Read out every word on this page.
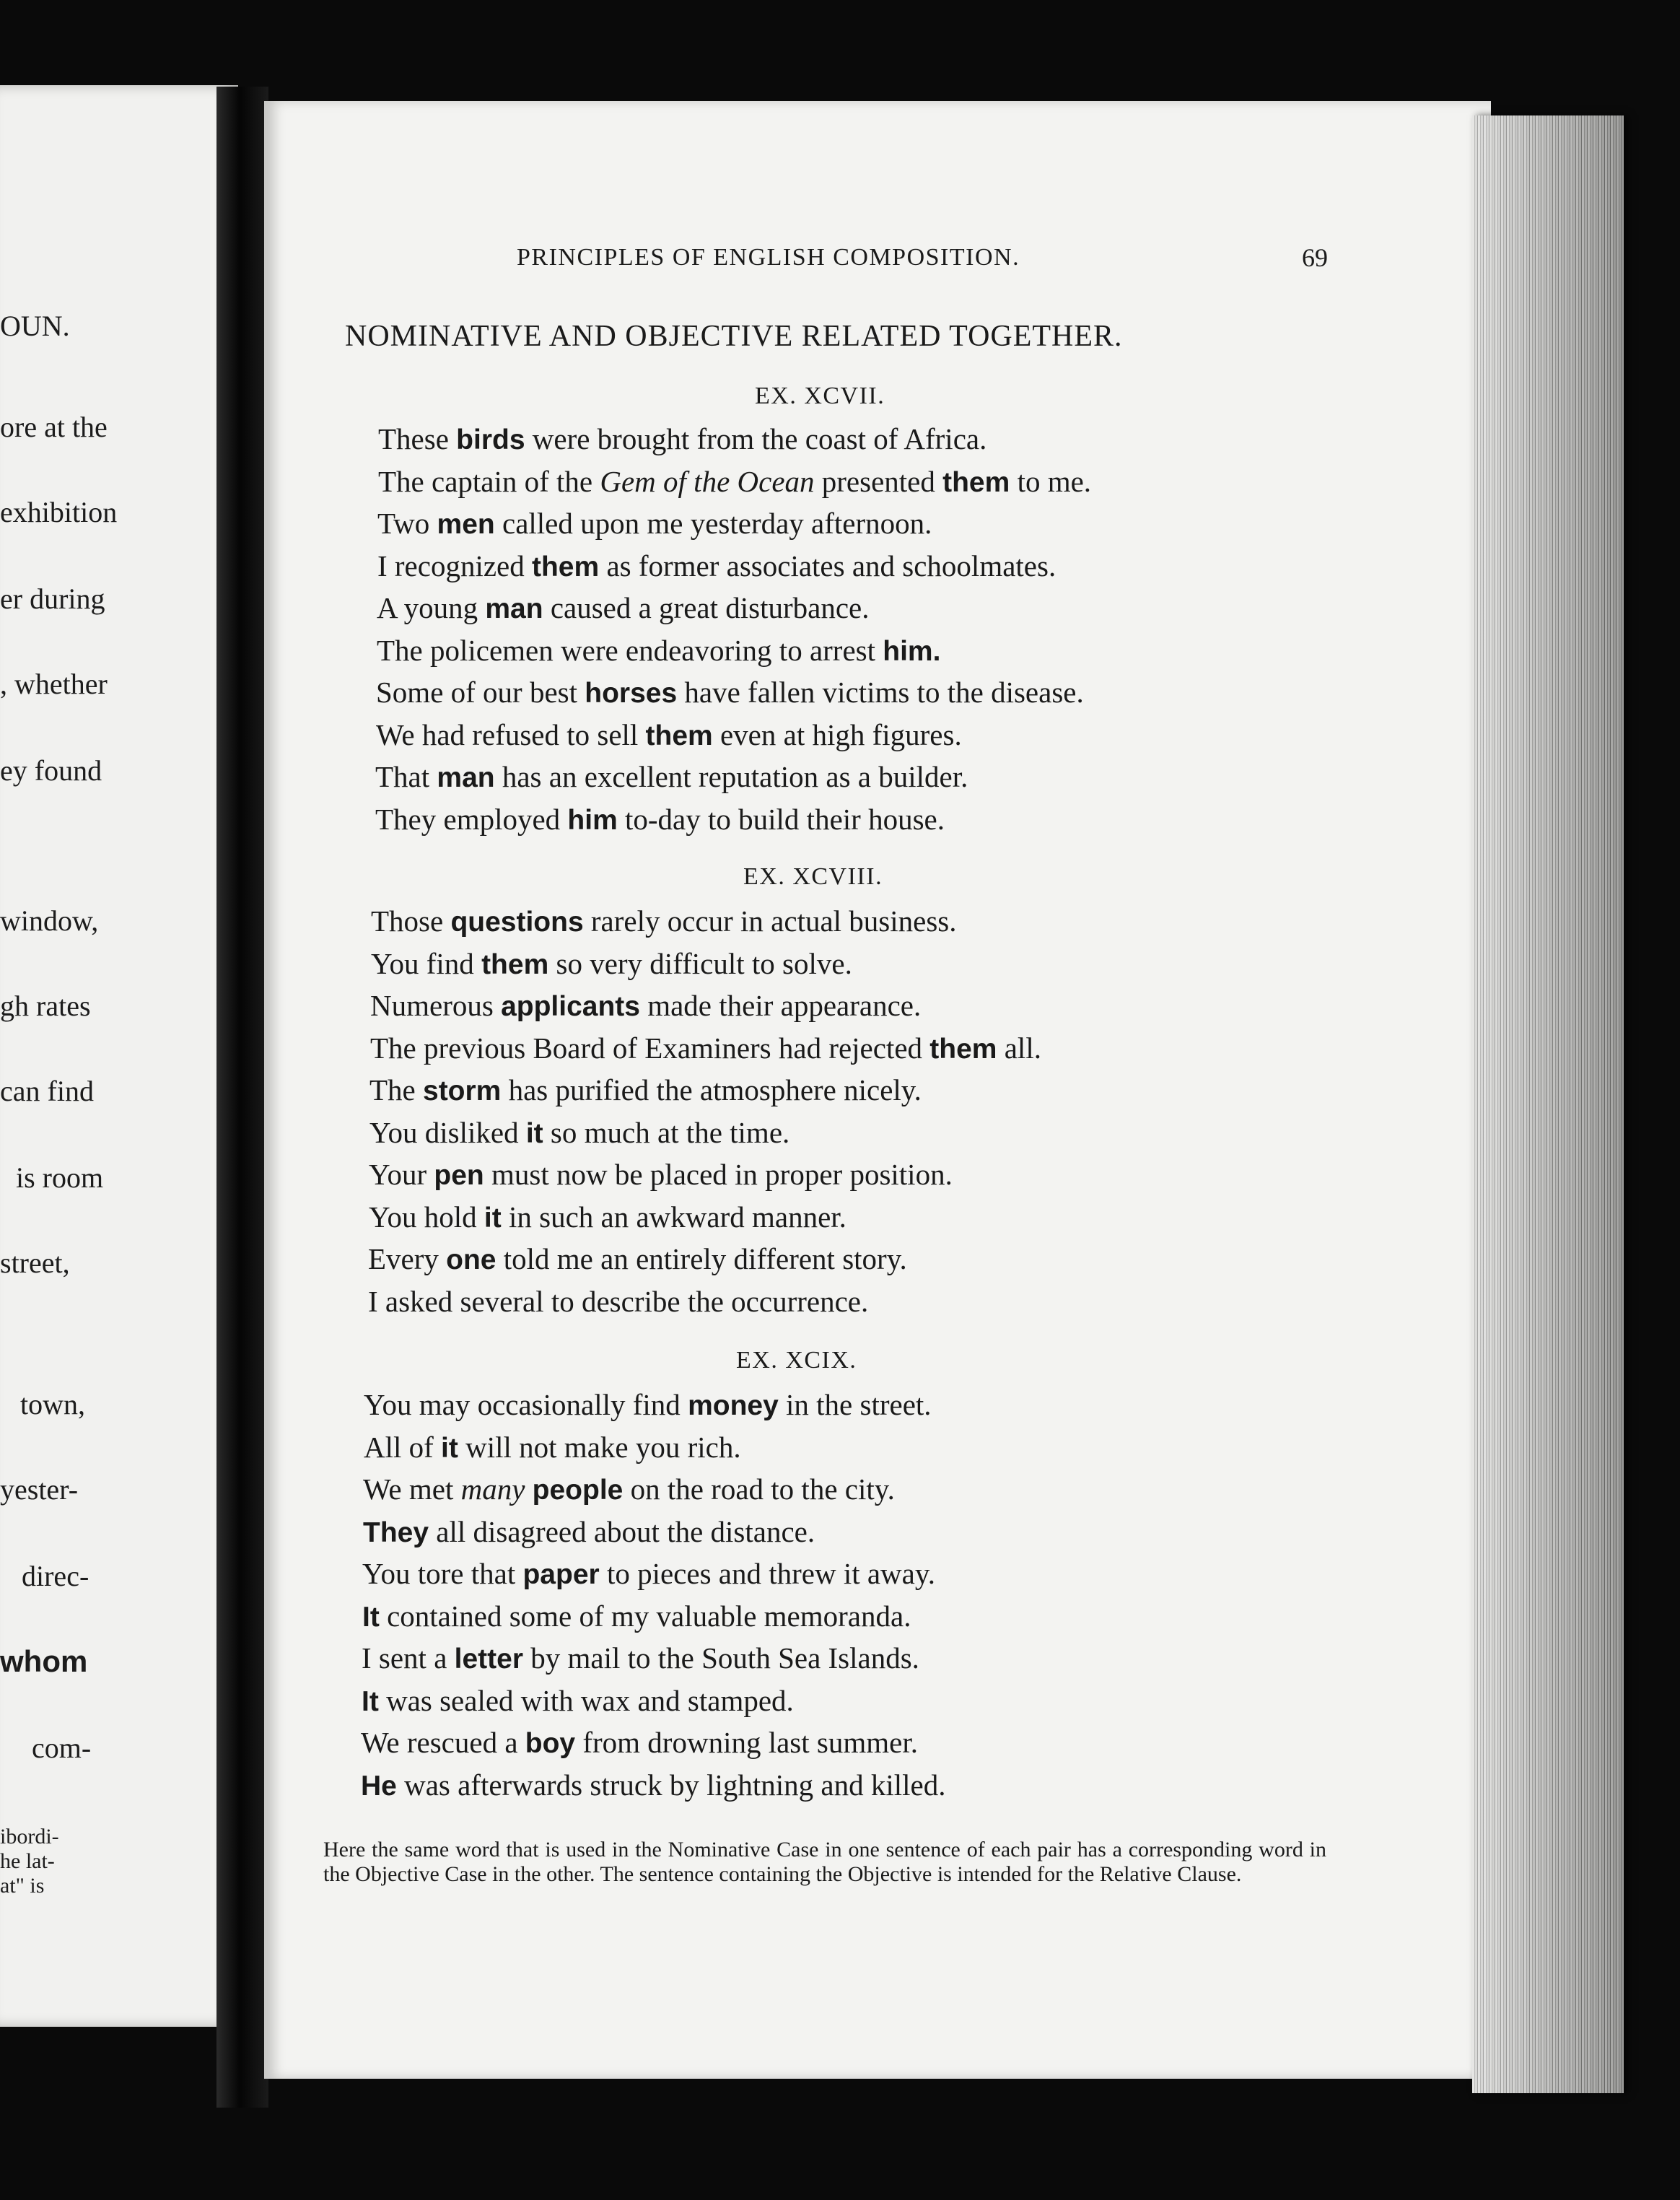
OUN.
ore at the
exhibition
er during
, whether
ey found
window,
gh rates
can find
is room
street,
town,
yester-
direc-
whom
com-
ibordi-
he lat-
at" is
PRINCIPLES OF ENGLISH COMPOSITION.	69
NOMINATIVE AND OBJECTIVE RELATED TOGETHER.
EX. XCVII.
These birds were brought from the coast of Africa.
The captain of the Gem of the Ocean presented them to me.
Two men called upon me yesterday afternoon.
I recognized them as former associates and schoolmates.
A young man caused a great disturbance.
The policemen were endeavoring to arrest him.
Some of our best horses have fallen victims to the disease.
We had refused to sell them even at high figures.
That man has an excellent reputation as a builder.
They employed him to-day to build their house.
EX. XCVIII.
Those questions rarely occur in actual business.
You find them so very difficult to solve.
Numerous applicants made their appearance.
The previous Board of Examiners had rejected them all.
The storm has purified the atmosphere nicely.
You disliked it so much at the time.
Your pen must now be placed in proper position.
You hold it in such an awkward manner.
Every one told me an entirely different story.
I asked several to describe the occurrence.
EX. XCIX.
You may occasionally find money in the street.
All of it will not make you rich.
We met many people on the road to the city.
They all disagreed about the distance.
You tore that paper to pieces and threw it away.
It contained some of my valuable memoranda.
I sent a letter by mail to the South Sea Islands.
It was sealed with wax and stamped.
We rescued a boy from drowning last summer.
He was afterwards struck by lightning and killed.

Here the same word that is used in the Nominative Case in one sentence of each pair has a corresponding word in the Objective Case in the other. The sentence containing the Objective is intended for the Relative Clause.
